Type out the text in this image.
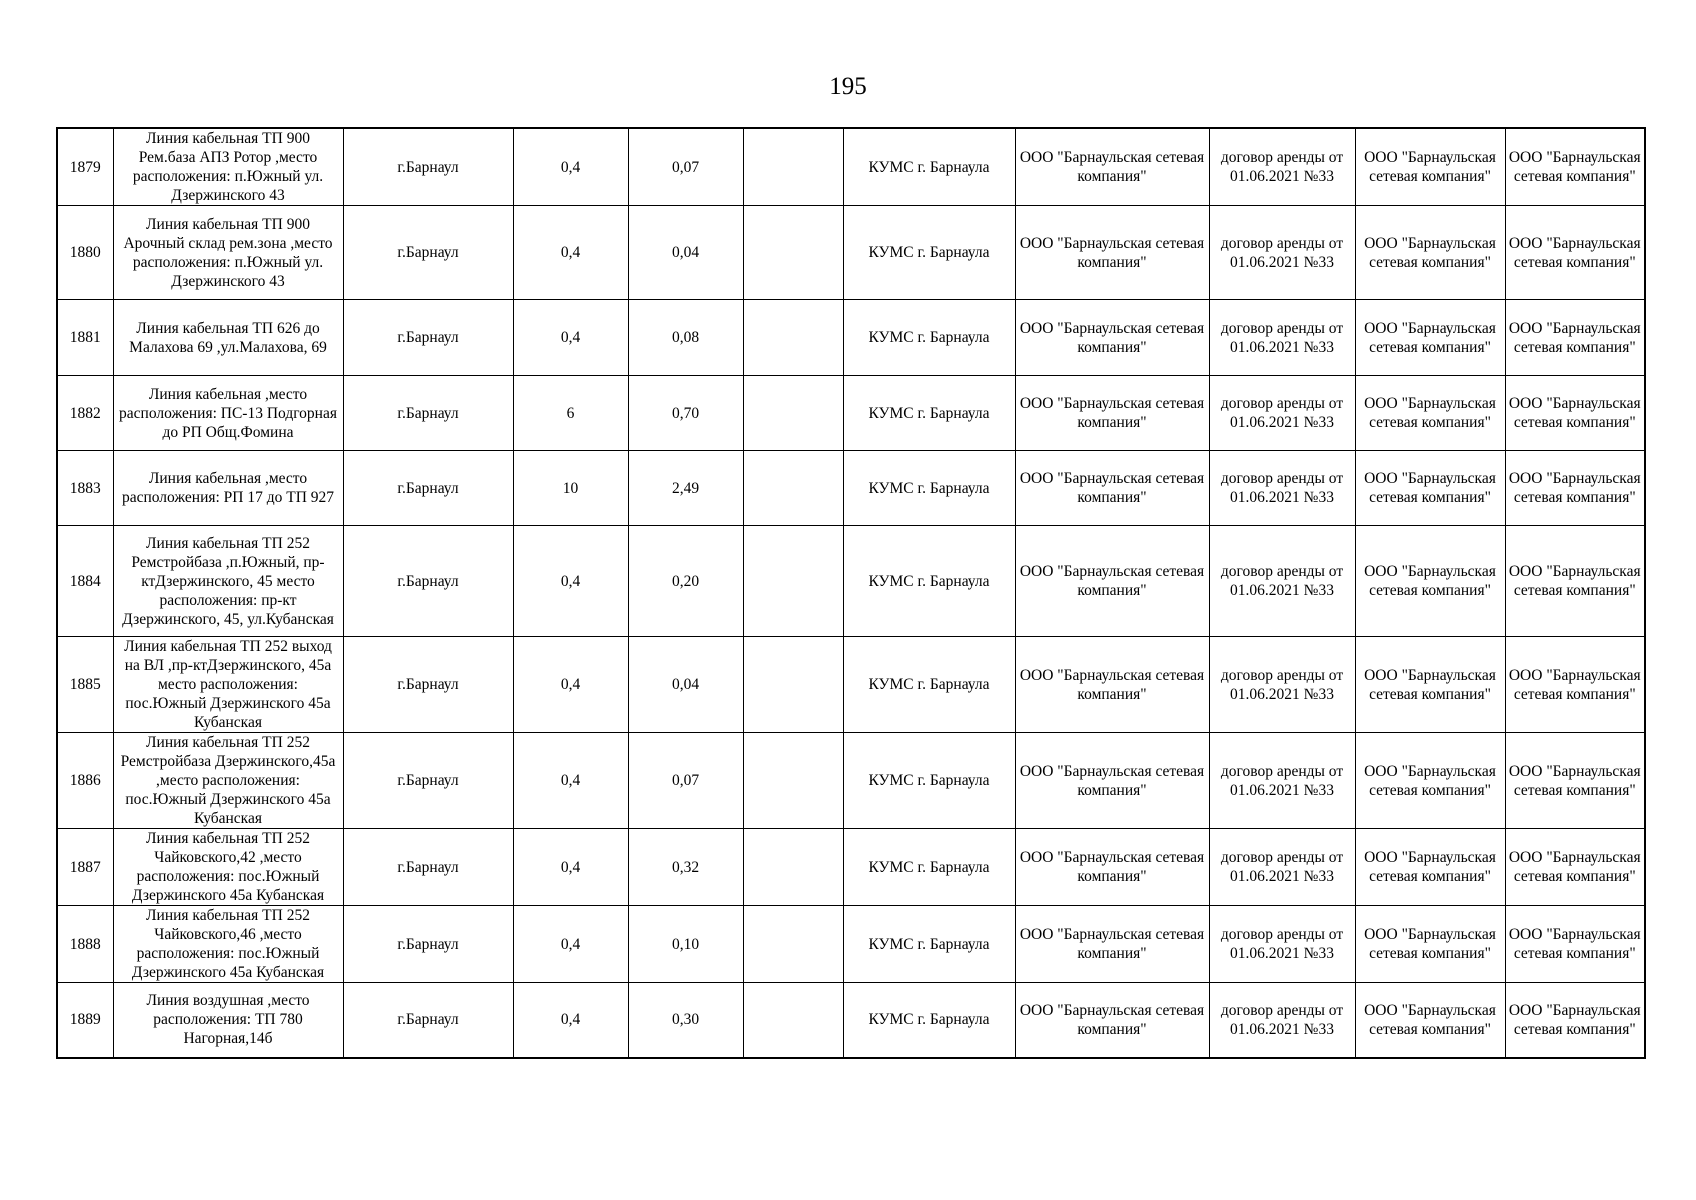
195
1879	Линия кабельная ТП 900 Рем.база АПЗ Ротор ,место расположения: п.Южный ул. Дзержинского 43	г.Барнаул	0,4	0,07		КУМС г. Барнаула	ООО "Барнаульская сетевая компания"	договор аренды от 01.06.2021 №33	ООО "Барнаульская сетевая компания"	ООО "Барнаульская сетевая компания"
1880	Линия кабельная ТП 900 Арочный склад рем.зона ,место расположения: п.Южный ул. Дзержинского 43	г.Барнаул	0,4	0,04		КУМС г. Барнаула	ООО "Барнаульская сетевая компания"	договор аренды от 01.06.2021 №33	ООО "Барнаульская сетевая компания"	ООО "Барнаульская сетевая компания"
1881	Линия кабельная ТП 626 до Малахова 69 ,ул.Малахова, 69	г.Барнаул	0,4	0,08		КУМС г. Барнаула	ООО "Барнаульская сетевая компания"	договор аренды от 01.06.2021 №33	ООО "Барнаульская сетевая компания"	ООО "Барнаульская сетевая компания"
1882	Линия кабельная ,место расположения: ПС-13 Подгорная до РП Общ.Фомина	г.Барнаул	6	0,70		КУМС г. Барнаула	ООО "Барнаульская сетевая компания"	договор аренды от 01.06.2021 №33	ООО "Барнаульская сетевая компания"	ООО "Барнаульская сетевая компания"
1883	Линия кабельная ,место расположения: РП 17 до ТП 927	г.Барнаул	10	2,49		КУМС г. Барнаула	ООО "Барнаульская сетевая компания"	договор аренды от 01.06.2021 №33	ООО "Барнаульская сетевая компания"	ООО "Барнаульская сетевая компания"
1884	Линия кабельная ТП 252 Ремстройбаза ,п.Южный, пр-ктДзержинского, 45 место расположения: пр-кт Дзержинского, 45, ул.Кубанская	г.Барнаул	0,4	0,20		КУМС г. Барнаула	ООО "Барнаульская сетевая компания"	договор аренды от 01.06.2021 №33	ООО "Барнаульская сетевая компания"	ООО "Барнаульская сетевая компания"
1885	Линия кабельная ТП 252 выход на ВЛ ,пр-ктДзержинского, 45а место расположения: пос.Южный Дзержинского 45а Кубанская	г.Барнаул	0,4	0,04		КУМС г. Барнаула	ООО "Барнаульская сетевая компания"	договор аренды от 01.06.2021 №33	ООО "Барнаульская сетевая компания"	ООО "Барнаульская сетевая компания"
1886	Линия кабельная ТП 252 Ремстройбаза Дзержинского,45а ,место расположения: пос.Южный Дзержинского 45а Кубанская	г.Барнаул	0,4	0,07		КУМС г. Барнаула	ООО "Барнаульская сетевая компания"	договор аренды от 01.06.2021 №33	ООО "Барнаульская сетевая компания"	ООО "Барнаульская сетевая компания"
1887	Линия кабельная ТП 252 Чайковского,42 ,место расположения: пос.Южный Дзержинского 45а Кубанская	г.Барнаул	0,4	0,32		КУМС г. Барнаула	ООО "Барнаульская сетевая компания"	договор аренды от 01.06.2021 №33	ООО "Барнаульская сетевая компания"	ООО "Барнаульская сетевая компания"
1888	Линия кабельная ТП 252 Чайковского,46 ,место расположения: пос.Южный Дзержинского 45а Кубанская	г.Барнаул	0,4	0,10		КУМС г. Барнаула	ООО "Барнаульская сетевая компания"	договор аренды от 01.06.2021 №33	ООО "Барнаульская сетевая компания"	ООО "Барнаульская сетевая компания"
1889	Линия воздушная ,место расположения: ТП 780 Нагорная,14б	г.Барнаул	0,4	0,30		КУМС г. Барнаула	ООО "Барнаульская сетевая компания"	договор аренды от 01.06.2021 №33	ООО "Барнаульская сетевая компания"	ООО "Барнаульская сетевая компания"
